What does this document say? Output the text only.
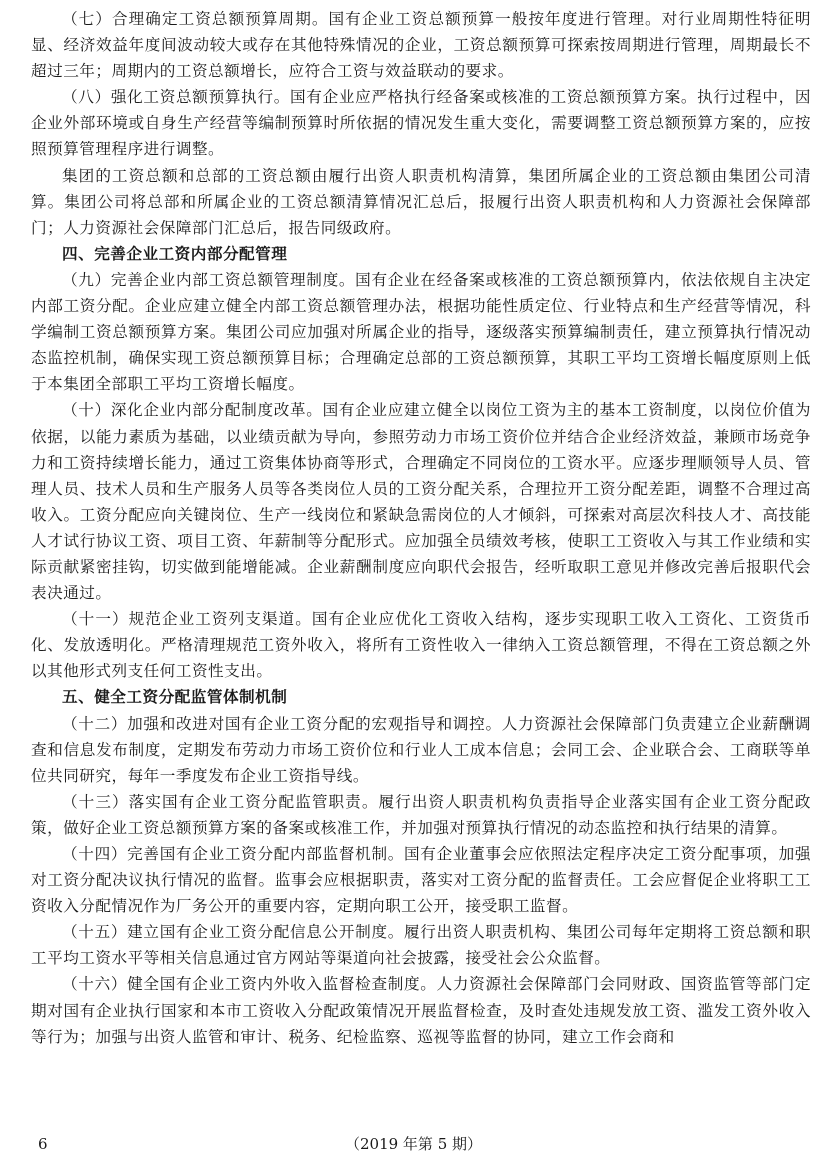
（七）合理确定工资总额预算周期。国有企业工资总额预算一般按年度进行管理。对行业周期性特征明显、经济效益年度间波动较大或存在其他特殊情况的企业，工资总额预算可探索按周期进行管理，周期最长不超过三年；周期内的工资总额增长，应符合工资与效益联动的要求。

（八）强化工资总额预算执行。国有企业应严格执行经备案或核准的工资总额预算方案。执行过程中，因企业外部环境或自身生产经营等编制预算时所依据的情况发生重大变化，需要调整工资总额预算方案的，应按照预算管理程序进行调整。

集团的工资总额和总部的工资总额由履行出资人职责机构清算，集团所属企业的工资总额由集团公司清算。集团公司将总部和所属企业的工资总额清算情况汇总后，报履行出资人职责机构和人力资源社会保障部门；人力资源社会保障部门汇总后，报告同级政府。

四、完善企业工资内部分配管理

（九）完善企业内部工资总额管理制度。国有企业在经备案或核准的工资总额预算内，依法依规自主决定内部工资分配。企业应建立健全内部工资总额管理办法，根据功能性质定位、行业特点和生产经营等情况，科学编制工资总额预算方案。集团公司应加强对所属企业的指导，逐级落实预算编制责任，建立预算执行情况动态监控机制，确保实现工资总额预算目标；合理确定总部的工资总额预算，其职工平均工资增长幅度原则上低于本集团全部职工平均工资增长幅度。

（十）深化企业内部分配制度改革。国有企业应建立健全以岗位工资为主的基本工资制度，以岗位价值为依据，以能力素质为基础，以业绩贡献为导向，参照劳动力市场工资价位并结合企业经济效益，兼顾市场竞争力和工资持续增长能力，通过工资集体协商等形式，合理确定不同岗位的工资水平。应逐步理顺领导人员、管理人员、技术人员和生产服务人员等各类岗位人员的工资分配关系，合理拉开工资分配差距，调整不合理过高收入。工资分配应向关键岗位、生产一线岗位和紧缺急需岗位的人才倾斜，可探索对高层次科技人才、高技能人才试行协议工资、项目工资、年薪制等分配形式。应加强全员绩效考核，使职工工资收入与其工作业绩和实际贡献紧密挂钩，切实做到能增能减。企业薪酬制度应向职代会报告，经听取职工意见并修改完善后报职代会表决通过。

（十一）规范企业工资列支渠道。国有企业应优化工资收入结构，逐步实现职工收入工资化、工资货币化、发放透明化。严格清理规范工资外收入，将所有工资性收入一律纳入工资总额管理，不得在工资总额之外以其他形式列支任何工资性支出。

五、健全工资分配监管体制机制

（十二）加强和改进对国有企业工资分配的宏观指导和调控。人力资源社会保障部门负责建立企业薪酬调查和信息发布制度，定期发布劳动力市场工资价位和行业人工成本信息；会同工会、企业联合会、工商联等单位共同研究，每年一季度发布企业工资指导线。

（十三）落实国有企业工资分配监管职责。履行出资人职责机构负责指导企业落实国有企业工资分配政策，做好企业工资总额预算方案的备案或核准工作，并加强对预算执行情况的动态监控和执行结果的清算。

（十四）完善国有企业工资分配内部监督机制。国有企业董事会应依照法定程序决定工资分配事项，加强对工资分配决议执行情况的监督。监事会应根据职责，落实对工资分配的监督责任。工会应督促企业将职工工资收入分配情况作为厂务公开的重要内容，定期向职工公开，接受职工监督。

（十五）建立国有企业工资分配信息公开制度。履行出资人职责机构、集团公司每年定期将工资总额和职工平均工资水平等相关信息通过官方网站等渠道向社会披露，接受社会公众监督。

（十六）健全国有企业工资内外收入监督检查制度。人力资源社会保障部门会同财政、国资监管等部门定期对国有企业执行国家和本市工资收入分配政策情况开展监督检查，及时查处违规发放工资、滥发工资外收入等行为；加强与出资人监管和审计、税务、纪检监察、巡视等监督的协同，建立工作会商和

6	（2019 年第 5 期）
